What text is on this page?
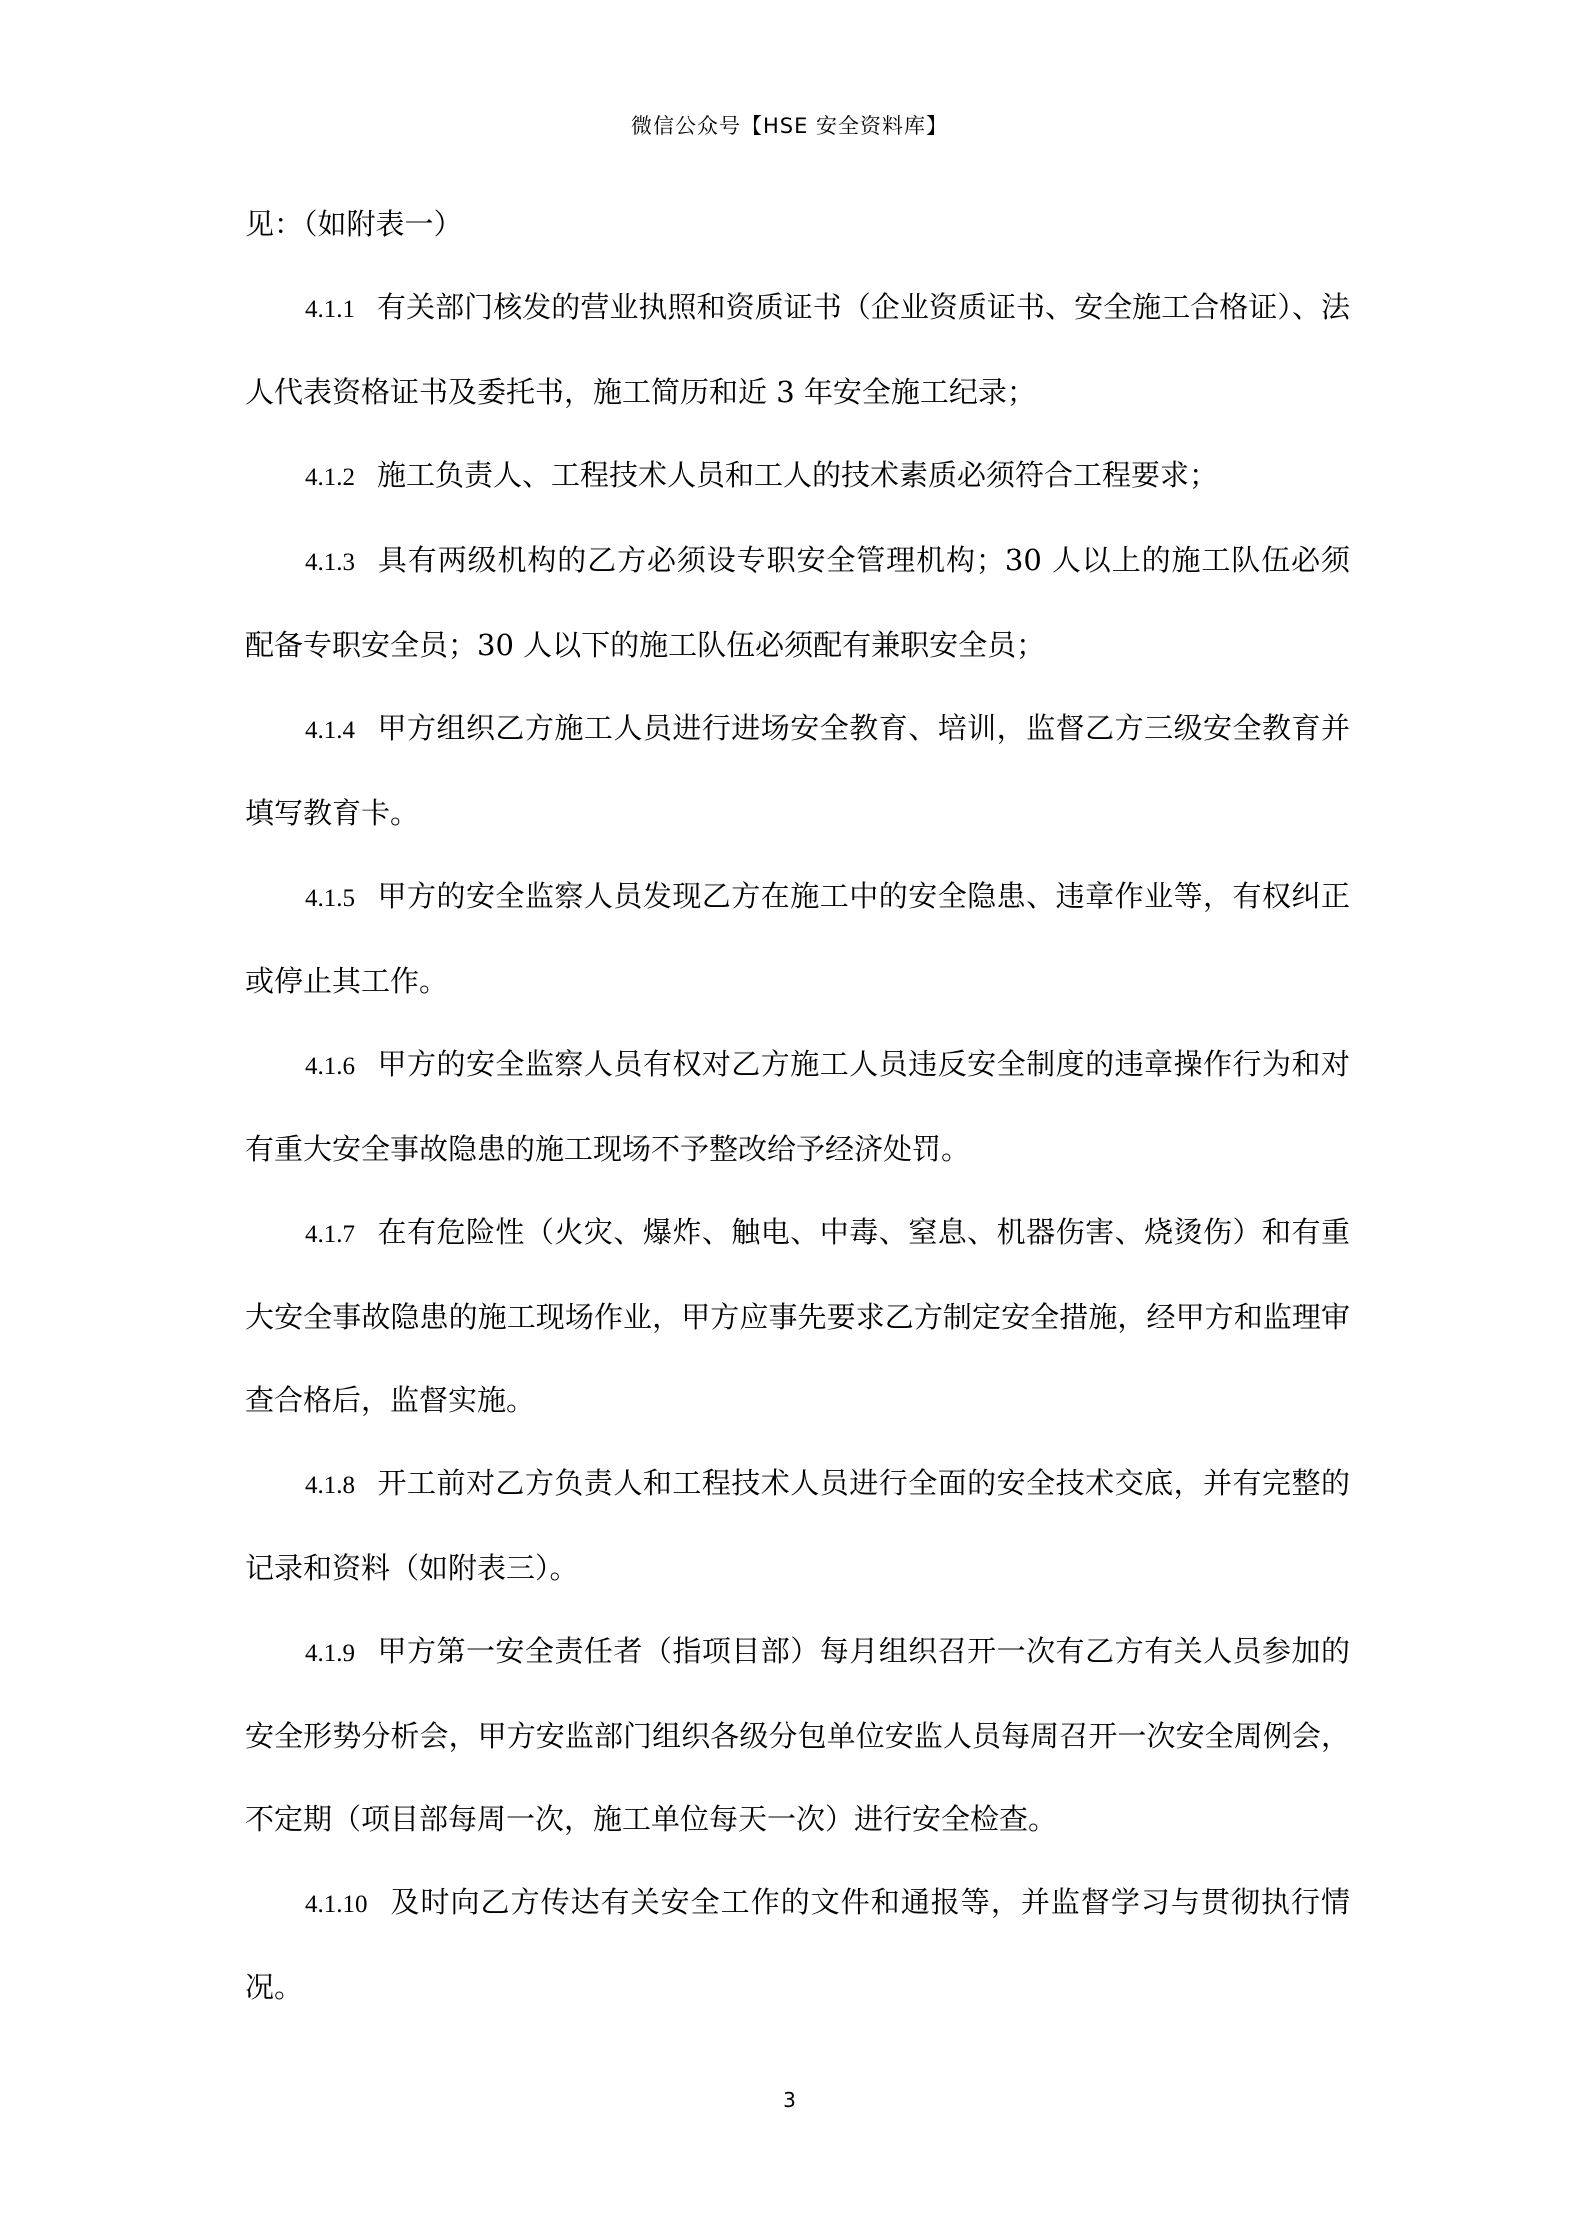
微信公众号【HSE 安全资料库】

见：（如附表一）

4.1.1 有关部门核发的营业执照和资质证书（企业资质证书、安全施工合格证）、法人代表资格证书及委托书，施工简历和近 3 年安全施工纪录；

4.1.2 施工负责人、工程技术人员和工人的技术素质必须符合工程要求；

4.1.3 具有两级机构的乙方必须设专职安全管理机构；30 人以上的施工队伍必须配备专职安全员；30 人以下的施工队伍必须配有兼职安全员；

4.1.4 甲方组织乙方施工人员进行进场安全教育、培训，监督乙方三级安全教育并填写教育卡。

4.1.5 甲方的安全监察人员发现乙方在施工中的安全隐患、违章作业等，有权纠正或停止其工作。

4.1.6 甲方的安全监察人员有权对乙方施工人员违反安全制度的违章操作行为和对有重大安全事故隐患的施工现场不予整改给予经济处罚。

4.1.7 在有危险性（火灾、爆炸、触电、中毒、窒息、机器伤害、烧烫伤）和有重大安全事故隐患的施工现场作业，甲方应事先要求乙方制定安全措施，经甲方和监理审查合格后，监督实施。

4.1.8 开工前对乙方负责人和工程技术人员进行全面的安全技术交底，并有完整的记录和资料（如附表三）。

4.1.9 甲方第一安全责任者（指项目部）每月组织召开一次有乙方有关人员参加的安全形势分析会，甲方安监部门组织各级分包单位安监人员每周召开一次安全周例会，不定期（项目部每周一次，施工单位每天一次）进行安全检查。

4.1.10 及时向乙方传达有关安全工作的文件和通报等，并监督学习与贯彻执行情况。

3
